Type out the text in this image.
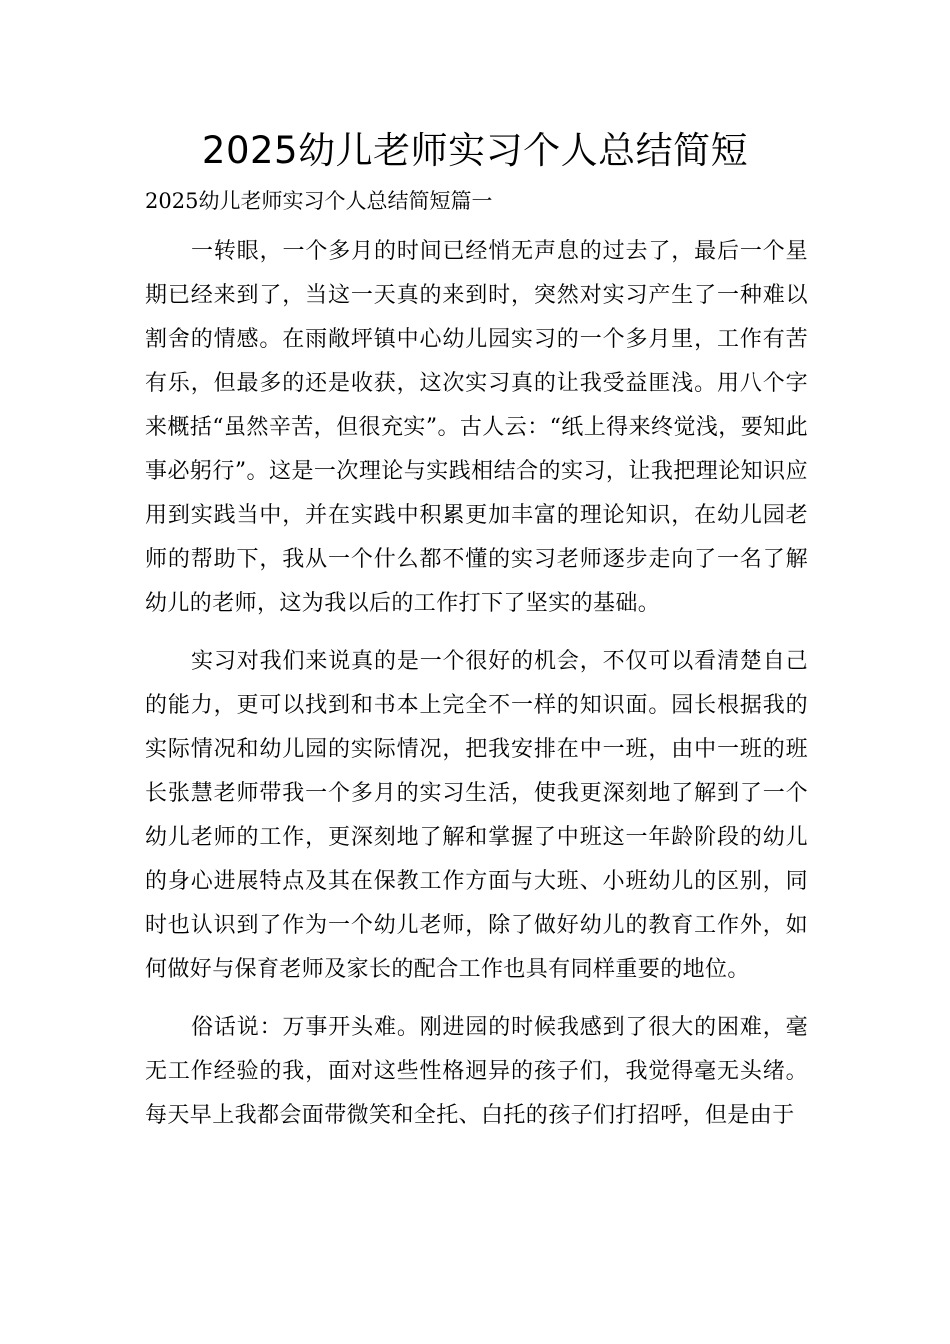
2025幼儿老师实习个人总结简短
2025幼儿老师实习个人总结简短篇一

一转眼，一个多月的时间已经悄无声息的过去了，最后一个星期已经来到了，当这一天真的来到时，突然对实习产生了一种难以割舍的情感。在雨敞坪镇中心幼儿园实习的一个多月里，工作有苦有乐，但最多的还是收获，这次实习真的让我受益匪浅。用八个字来概括“虽然辛苦，但很充实”。古人云：“纸上得来终觉浅，要知此事必躬行”。这是一次理论与实践相结合的实习，让我把理论知识应用到实践当中，并在实践中积累更加丰富的理论知识，在幼儿园老师的帮助下，我从一个什么都不懂的实习老师逐步走向了一名了解幼儿的老师，这为我以后的工作打下了坚实的基础。

实习对我们来说真的是一个很好的机会，不仅可以看清楚自己的能力，更可以找到和书本上完全不一样的知识面。园长根据我的实际情况和幼儿园的实际情况，把我安排在中一班，由中一班的班长张慧老师带我一个多月的实习生活，使我更深刻地了解到了一个幼儿老师的工作，更深刻地了解和掌握了中班这一年龄阶段的幼儿的身心进展特点及其在保教工作方面与大班、小班幼儿的区别，同时也认识到了作为一个幼儿老师，除了做好幼儿的教育工作外，如何做好与保育老师及家长的配合工作也具有同样重要的地位。

俗话说：万事开头难。刚进园的时候我感到了很大的困难，毫无工作经验的我，面对这些性格迥异的孩子们，我觉得毫无头绪。每天早上我都会面带微笑和全托、白托的孩子们打招呼，但是由于
